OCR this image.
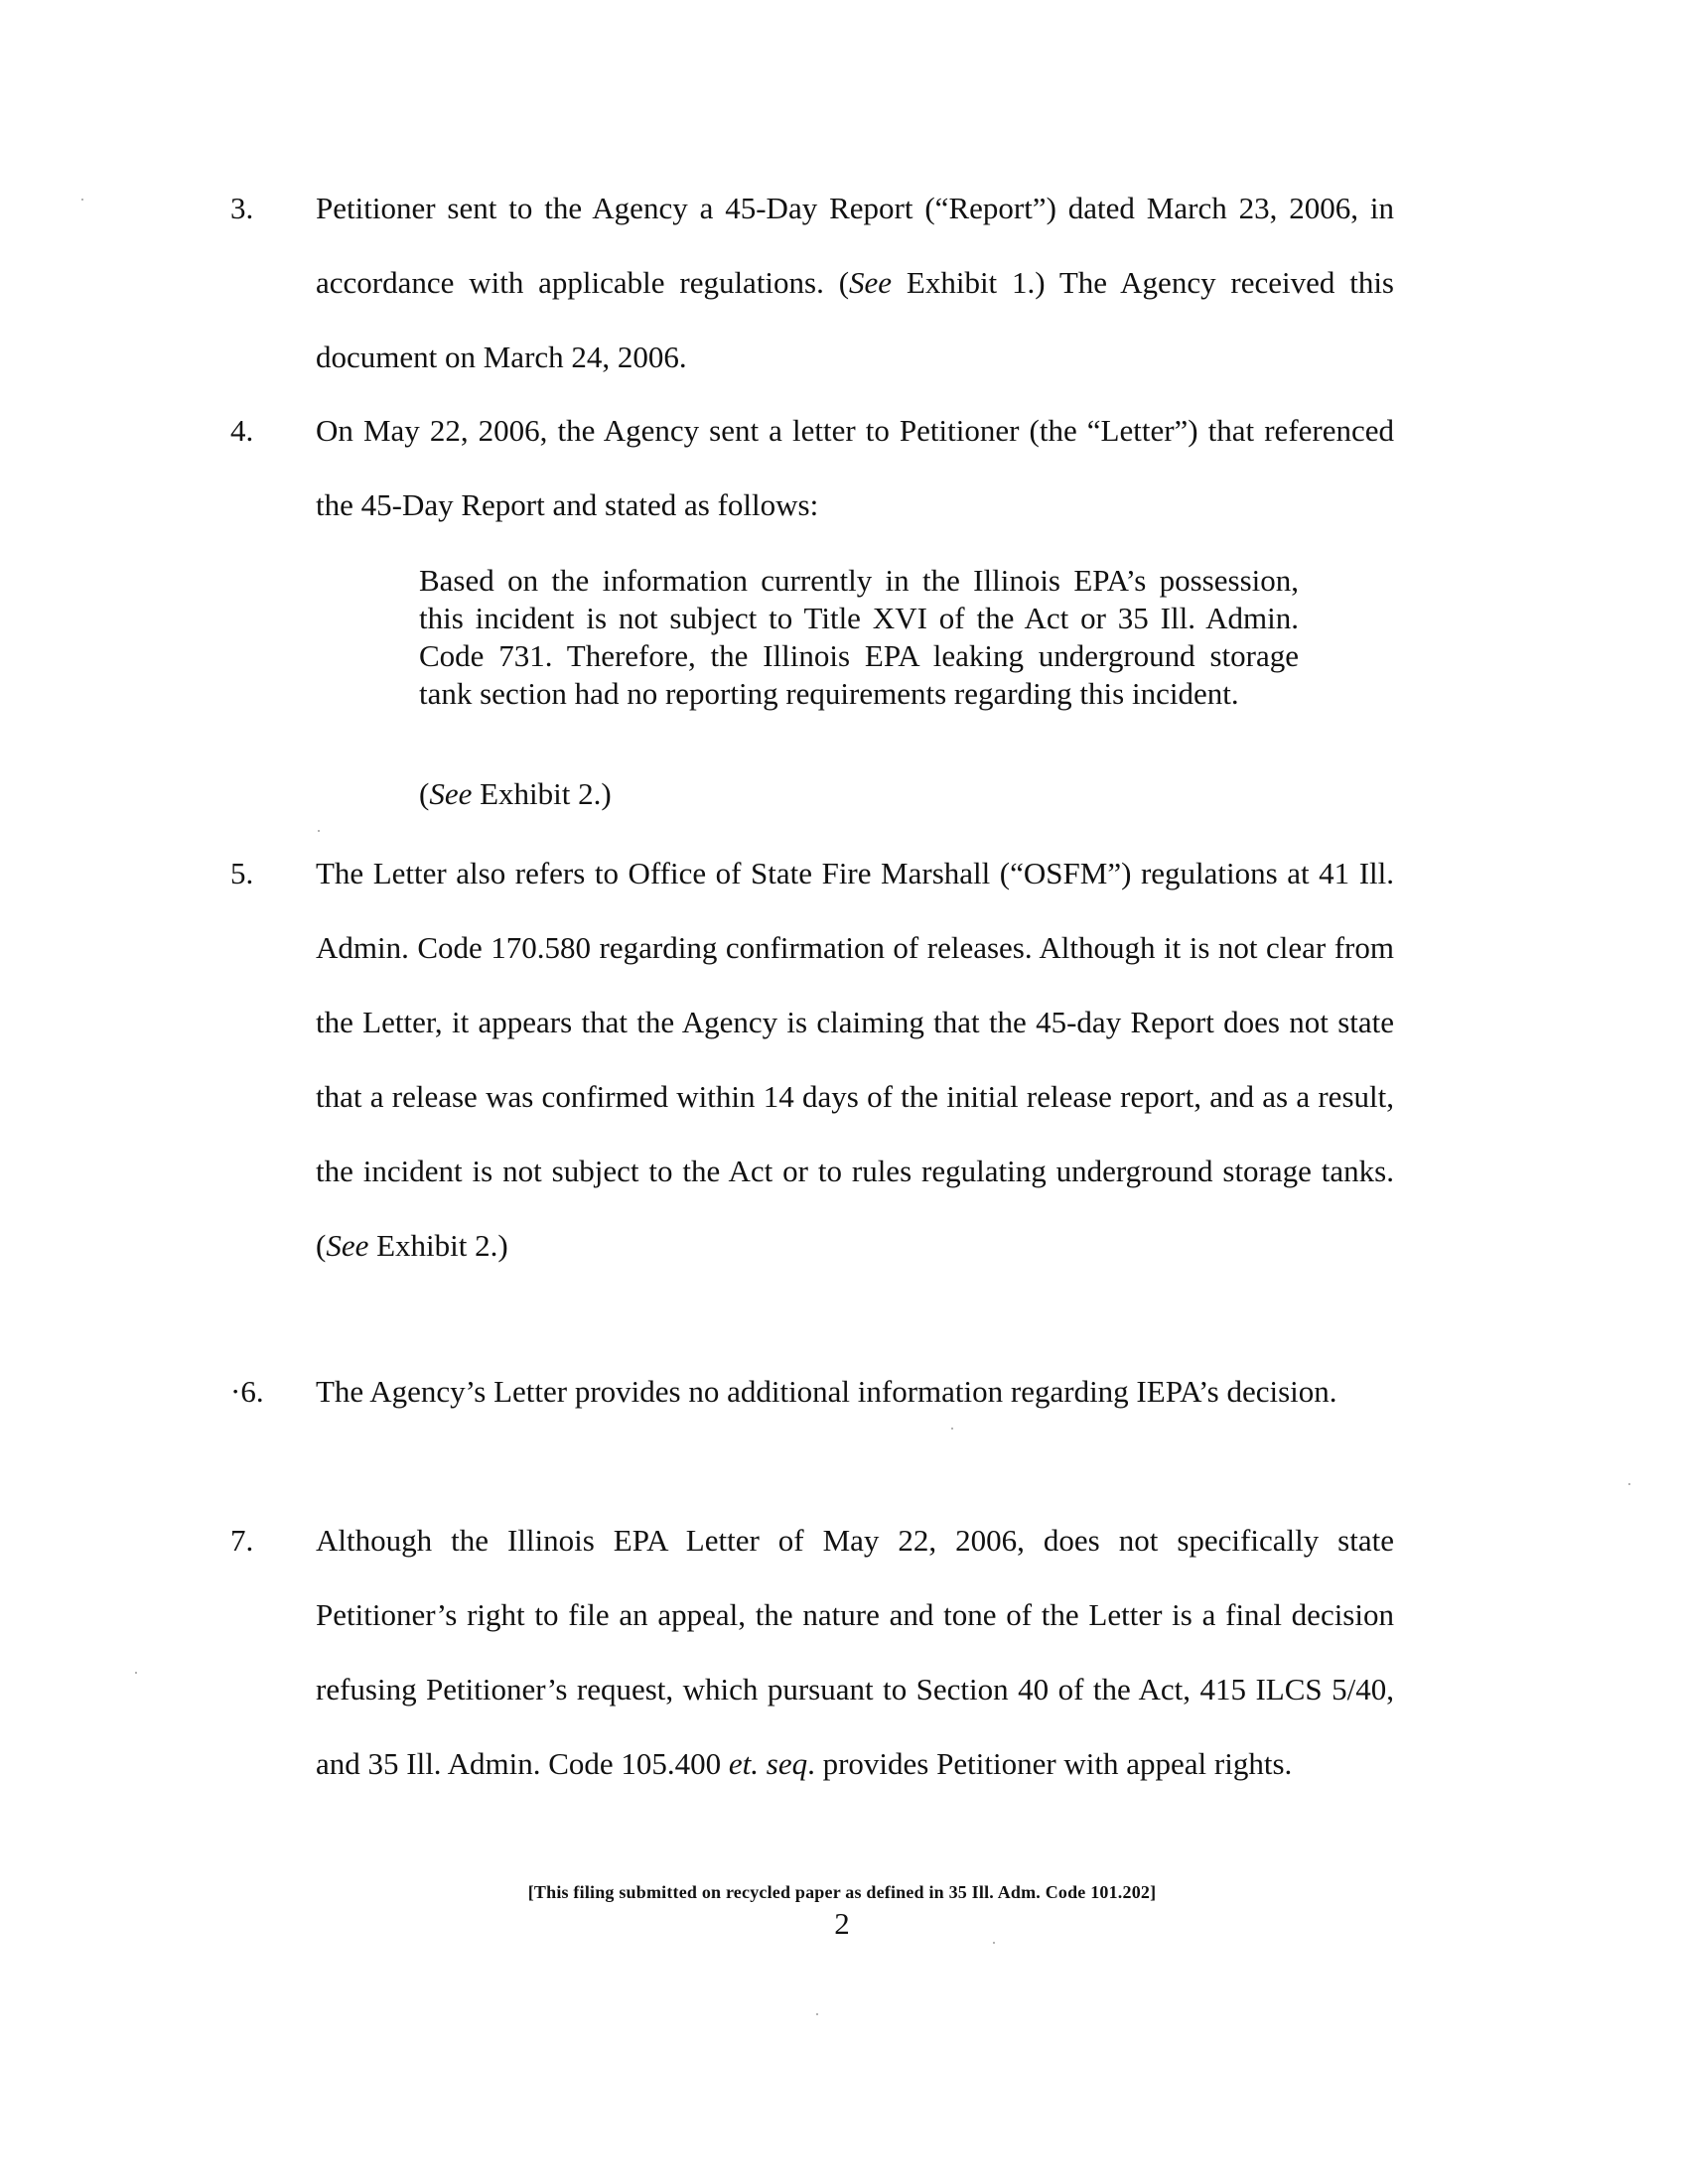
3. Petitioner sent to the Agency a 45-Day Report (“Report”) dated March 23, 2006, in accordance with applicable regulations. (See Exhibit 1.) The Agency received this document on March 24, 2006.

4. On May 22, 2006, the Agency sent a letter to Petitioner (the “Letter”) that referenced the 45-Day Report and stated as follows:

Based on the information currently in the Illinois EPA’s possession, this incident is not subject to Title XVI of the Act or 35 Ill. Admin. Code 731. Therefore, the Illinois EPA leaking underground storage tank section had no reporting requirements regarding this incident.
(See Exhibit 2.)
5. The Letter also refers to Office of State Fire Marshall (“OSFM”) regulations at 41 Ill. Admin. Code 170.580 regarding confirmation of releases. Although it is not clear from the Letter, it appears that the Agency is claiming that the 45-day Report does not state that a release was confirmed within 14 days of the initial release report, and as a result, the incident is not subject to the Act or to rules regulating underground storage tanks. (See Exhibit 2.)

·6. The Agency’s Letter provides no additional information regarding IEPA’s decision.

7. Although the Illinois EPA Letter of May 22, 2006, does not specifically state Petitioner’s right to file an appeal, the nature and tone of the Letter is a final decision refusing Petitioner’s request, which pursuant to Section 40 of the Act, 415 ILCS 5/40, and 35 Ill. Admin. Code 105.400 et. seq. provides Petitioner with appeal rights.

[This filing submitted on recycled paper as defined in 35 Ill. Adm. Code 101.202]
2
